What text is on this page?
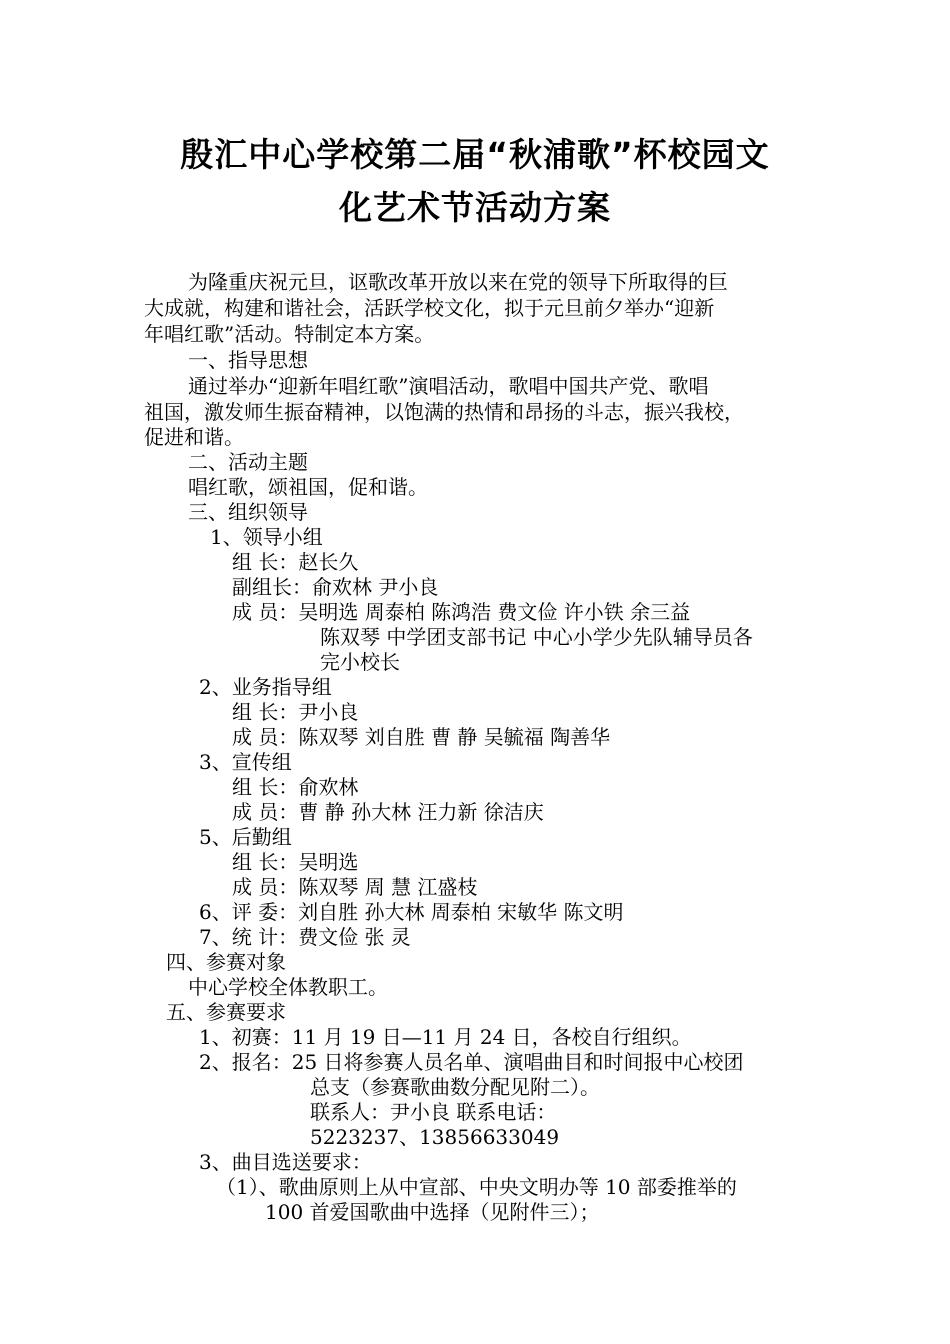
殷汇中心学校第二届“秋浦歌”杯校园文
化艺术节活动方案
为隆重庆祝元旦，讴歌改革开放以来在党的领导下所取得的巨
大成就，构建和谐社会，活跃学校文化，拟于元旦前夕举办“迎新
年唱红歌”活动。特制定本方案。
一、指导思想
通过举办“迎新年唱红歌”演唱活动，歌唱中国共产党、歌唱
祖国，激发师生振奋精神，以饱满的热情和昂扬的斗志，振兴我校，
促进和谐。
二、活动主题
唱红歌，颂祖国，促和谐。
三、组织领导
1、领导小组
组 长：赵长久
副组长：俞欢林 尹小良
成 员：吴明选 周泰柏 陈鸿浩 费文俭 许小铁 余三益
陈双琴 中学团支部书记 中心小学少先队辅导员各
完小校长
2、业务指导组
组 长：尹小良
成 员：陈双琴 刘自胜 曹 静 吴毓福 陶善华
3、宣传组
组 长：俞欢林
成 员：曹 静 孙大林 汪力新 徐洁庆
5、后勤组
组 长：吴明选
成 员：陈双琴 周 慧 江盛枝
6、评 委：刘自胜 孙大林 周泰柏 宋敏华 陈文明
7、统 计：费文俭 张 灵
四、参赛对象
中心学校全体教职工。
五、参赛要求
1、初赛：11 月 19 日—11 月 24 日，各校自行组织。
2、报名：25 日将参赛人员名单、演唱曲目和时间报中心校团
总支（参赛歌曲数分配见附二）。
联系人：尹小良 联系电话：
5223237、13856633049
3、曲目选送要求：
（1）、歌曲原则上从中宣部、中央文明办等 10 部委推举的
100 首爱国歌曲中选择（见附件三）；
